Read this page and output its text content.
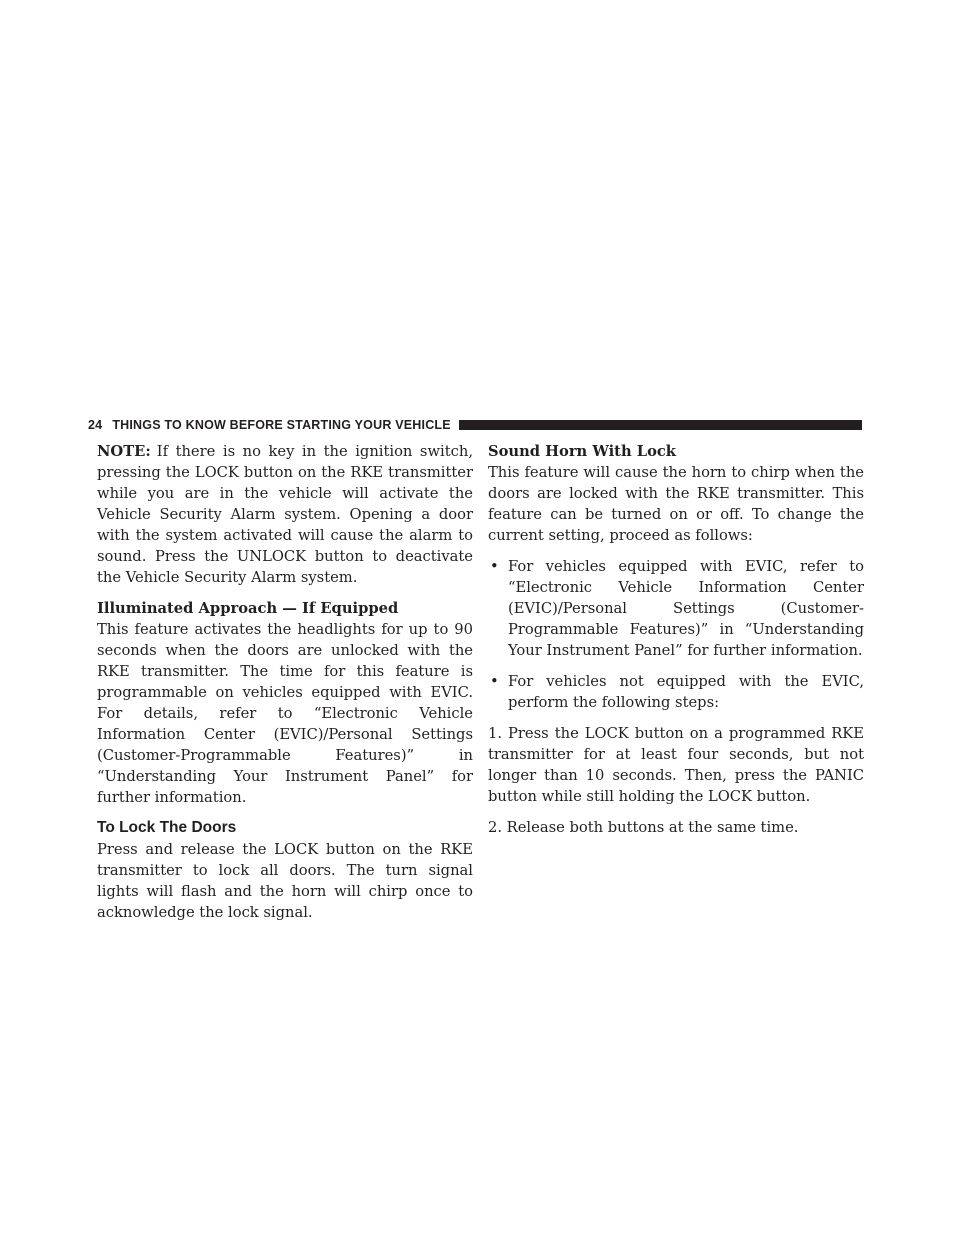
24 THINGS TO KNOW BEFORE STARTING YOUR VEHICLE

NOTE: If there is no key in the ignition switch, pressing the LOCK button on the RKE transmitter while you are in the vehicle will activate the Vehicle Security Alarm system. Opening a door with the system activated will cause the alarm to sound. Press the UNLOCK button to deactivate the Vehicle Security Alarm system.

Illuminated Approach — If Equipped
This feature activates the headlights for up to 90 seconds when the doors are unlocked with the RKE transmitter. The time for this feature is programmable on vehicles equipped with EVIC. For details, refer to “Electronic Vehicle Information Center (EVIC)/Personal Settings (Customer-Programmable Features)” in “Understanding Your Instrument Panel” for further information.

To Lock The Doors

Press and release the LOCK button on the RKE transmitter to lock all doors. The turn signal lights will flash and the horn will chirp once to acknowledge the lock signal.

Sound Horn With Lock
This feature will cause the horn to chirp when the doors are locked with the RKE transmitter. This feature can be turned on or off. To change the current setting, proceed as follows:

• For vehicles equipped with EVIC, refer to “Electronic Vehicle Information Center (EVIC)/Personal Settings (Customer-Programmable Features)” in “Understanding Your Instrument Panel” for further information.
• For vehicles not equipped with the EVIC, perform the following steps:

1. Press the LOCK button on a programmed RKE transmitter for at least four seconds, but not longer than 10 seconds. Then, press the PANIC button while still holding the LOCK button.

2. Release both buttons at the same time.
